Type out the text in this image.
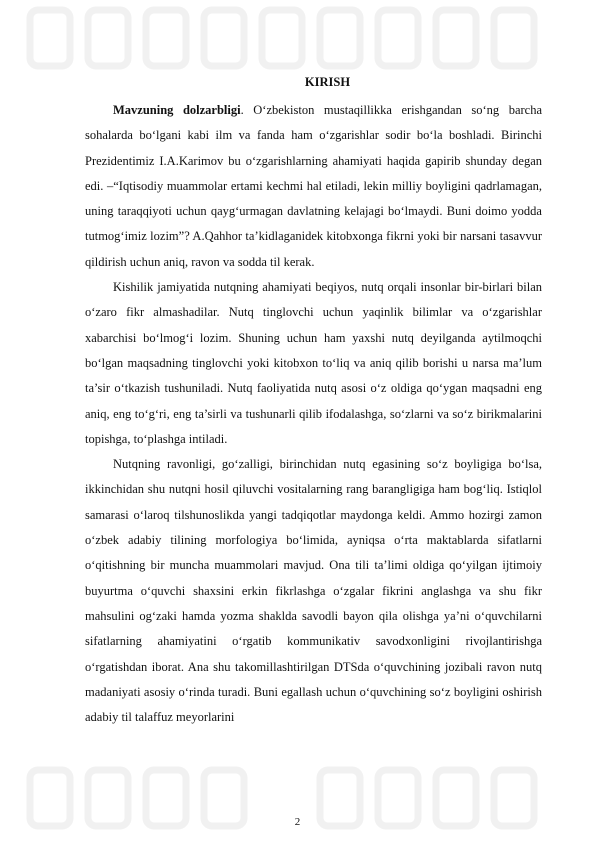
KIRISH

Mavzuning dolzarbligi. O‘zbekiston mustaqillikka erishgandan so‘ng barcha sohalarda bo‘lgani kabi ilm va fanda ham o‘zgarishlar sodir bo‘la boshladi. Birinchi Prezidentimiz I.A.Karimov bu o‘zgarishlarning ahamiyati haqida gapirib shunday degan edi. –“Iqtisodiy muammolar ertami kechmi hal etiladi, lekin milliy boyligini qadrlamagan, uning taraqqiyoti uchun qayg‘urmagan davlatning kelajagi bo‘lmaydi. Buni doimo yodda tutmog‘imiz lozim”? A.Qahhor ta’kidlaganidek kitobxonga fikrni yoki bir narsani tasavvur qildirish uchun aniq, ravon va sodda til kerak.

Kishilik jamiyatida nutqning ahamiyati beqiyos, nutq orqali insonlar bir-birlari bilan o‘zaro fikr almashadilar. Nutq tinglovchi uchun yaqinlik bilimlar va o‘zgarishlar xabarchisi bo‘lmog‘i lozim. Shuning uchun ham yaxshi nutq deyilganda aytilmoqchi bo‘lgan maqsadning tinglovchi yoki kitobxon to‘liq va aniq qilib borishi u narsa ma’lum ta’sir o‘tkazish tushuniladi. Nutq faoliyatida nutq asosi o‘z oldiga qo‘ygan maqsadni eng aniq, eng to‘g‘ri, eng ta’sirli va tushunarli qilib ifodalashga, so‘zlarni va so‘z birikmalarini topishga, to‘plashga intiladi.

Nutqning ravonligi, go‘zalligi, birinchidan nutq egasining so‘z boyligiga bo‘lsa, ikkinchidan shu nutqni hosil qiluvchi vositalarning rang barangligiga ham bog‘liq. Istiqlol samarasi o‘laroq tilshunoslikda yangi tadqiqotlar maydonga keldi. Ammo hozirgi zamon o‘zbek adabiy tilining morfologiya bo‘limida, ayniqsa o‘rta maktablarda sifatlarni o‘qitishning bir muncha muammolari mavjud. Ona tili ta’limi oldiga qo‘yilgan ijtimoiy buyurtma o‘quvchi shaxsini erkin fikrlashga o‘zgalar fikrini anglashga va shu fikr mahsulini og‘zaki hamda yozma shaklda savodli bayon qila olishga ya’ni o‘quvchilarni sifatlarning ahamiyatini o‘rgatib kommunikativ savodxonligini rivojlantirishga o‘rgatishdan iborat. Ana shu takomillashtirilgan DTSda o‘quvchining jozibali ravon nutq madaniyati asosiy o‘rinda turadi. Buni egallash uchun o‘quvchining so‘z boyligini oshirish adabiy til talaffuz meyorlarini

2
